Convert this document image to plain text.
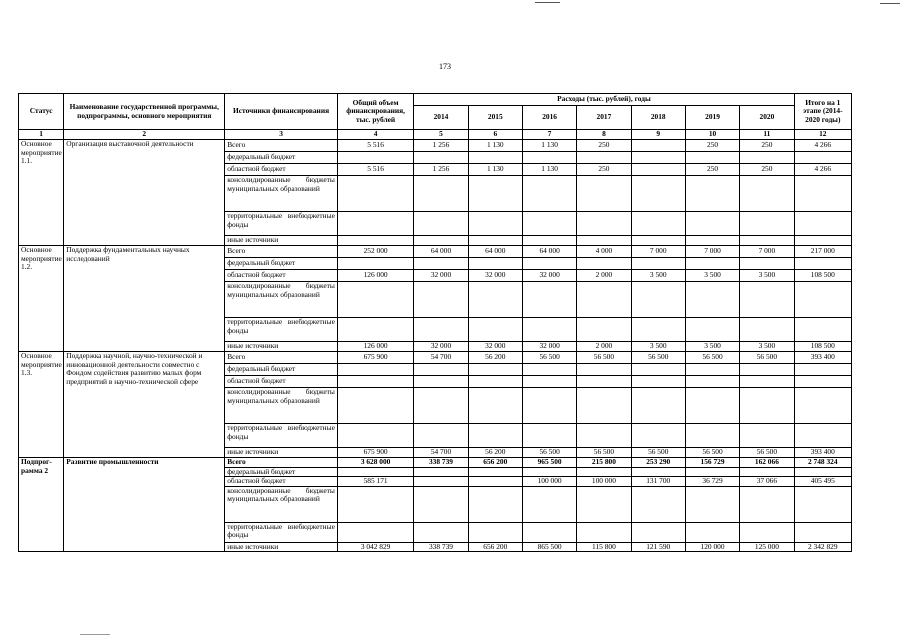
173
Статус	Наименование государственной программы, подпрограммы, основного мероприятия	Источники финансирования	Общий объем финансирования, тыс. рублей	Расходы (тыс. рублей), годы							Итого на 1 этапе (2014-2020 годы)
				2014	2015	2016	2017	2018	2019	2020	
1	2	3	4	5	6	7	8	9	10	11	12
Основное мероприятие 1.1.	Организация выставочной деятельности	Всего	5 516	1 256	1 130	1 130	250		250	250	4 266
		федеральный бюджет									
		областной бюджет	5 516	1 256	1 130	1 130	250		250	250	4 266
		консолидированные бюджеты муниципальных образований									
		территориальные внебюджетные фонды									
		иные источники									
Основное мероприятие 1.2.	Поддержка фундаментальных научных исследований	Всего	252 000	64 000	64 000	64 000	4 000	7 000	7 000	7 000	217 000
		федеральный бюджет									
		областной бюджет	126 000	32 000	32 000	32 000	2 000	3 500	3 500	3 500	108 500
		консолидированные бюджеты муниципальных образований									
		территориальные внебюджетные фонды									
		иные источники	126 000	32 000	32 000	32 000	2 000	3 500	3 500	3 500	108 500
Основное мероприятие 1.3.	Поддержка научной, научно-технической и инновационной деятельности совместно с Фондом содействия развитию малых форм предприятий в научно-технической сфере	Всего	675 900	54 700	56 200	56 500	56 500	56 500	56 500	56 500	393 400
		федеральный бюджет									
		областной бюджет									
		консолидированные бюджеты муниципальных образований									
		территориальные внебюджетные фонды									
		иные источники	675 900	54 700	56 200	56 500	56 500	56 500	56 500	56 500	393 400
Подпрог-рамма 2	Развитие промышленности	Всего	3 628 000	338 739	656 200	965 500	215 800	253 290	156 729	162 066	2 748 324
		федеральный бюджет									
		областной бюджет	585 171			100 000	100 000	131 700	36 729	37 066	405 495
		консолидированные бюджеты муниципальных образований									
		территориальные внебюджетные фонды									
		иные источники	3 042 829	338 739	656 200	865 500	115 800	121 590	120 000	125 000	2 342 829
